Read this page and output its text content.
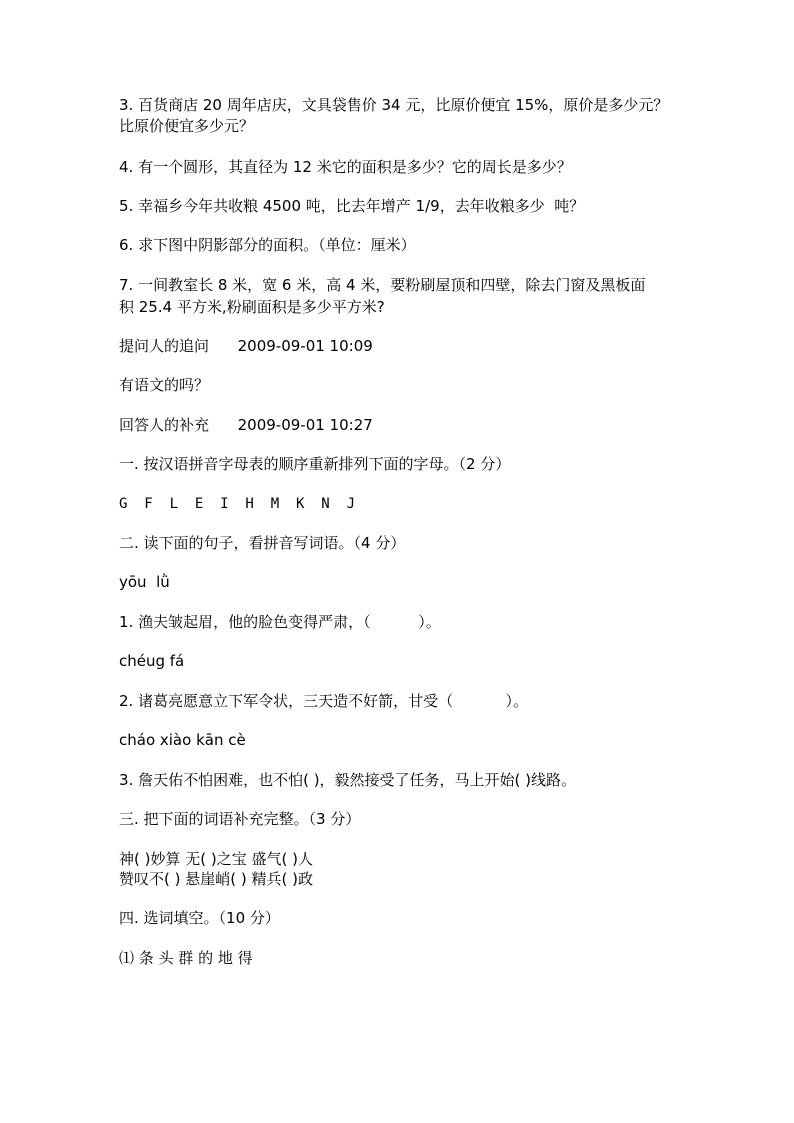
3. 百货商店 20 周年店庆，文具袋售价 34 元，比原价便宜 15%，原价是多少元？
比原价便宜多少元？
4. 有一个圆形，其直径为 12 米它的面积是多少？它的周长是多少？
5. 幸福乡今年共收粮 4500 吨，比去年增产 1/9，去年收粮多少  吨？
6. 求下图中阴影部分的面积。（单位：厘米）
7. 一间教室长 8 米，宽 6 米，高 4 米，要粉刷屋顶和四壁，除去门窗及黑板面
积 25.4 平方米,粉刷面积是多少平方米?
提问人的追问      2009-09-01 10:09
有语文的吗？
回答人的补充      2009-09-01 10:27
一. 按汉语拼音字母表的顺序重新排列下面的字母。（2 分）
G  F  L  E  I  H  M  K  N  J
二. 读下面的句子，看拼音写词语。（4 分）
yōu  lǜ
1. 渔夫皱起眉，他的脸色变得严肃，（          ）。
chéug fá
2. 诸葛亮愿意立下军令状，三天造不好箭，甘受（           ）。
cháo xiào kān cè
3. 詹天佑不怕困难，也不怕( )，毅然接受了任务，马上开始( )线路。
三. 把下面的词语补充完整。（3 分）
神( )妙算 无( )之宝 盛气( )人
赞叹不( ) 悬崖峭( ) 精兵( )政
四. 选词填空。（10 分）
⑴ 条 头 群 的 地 得
